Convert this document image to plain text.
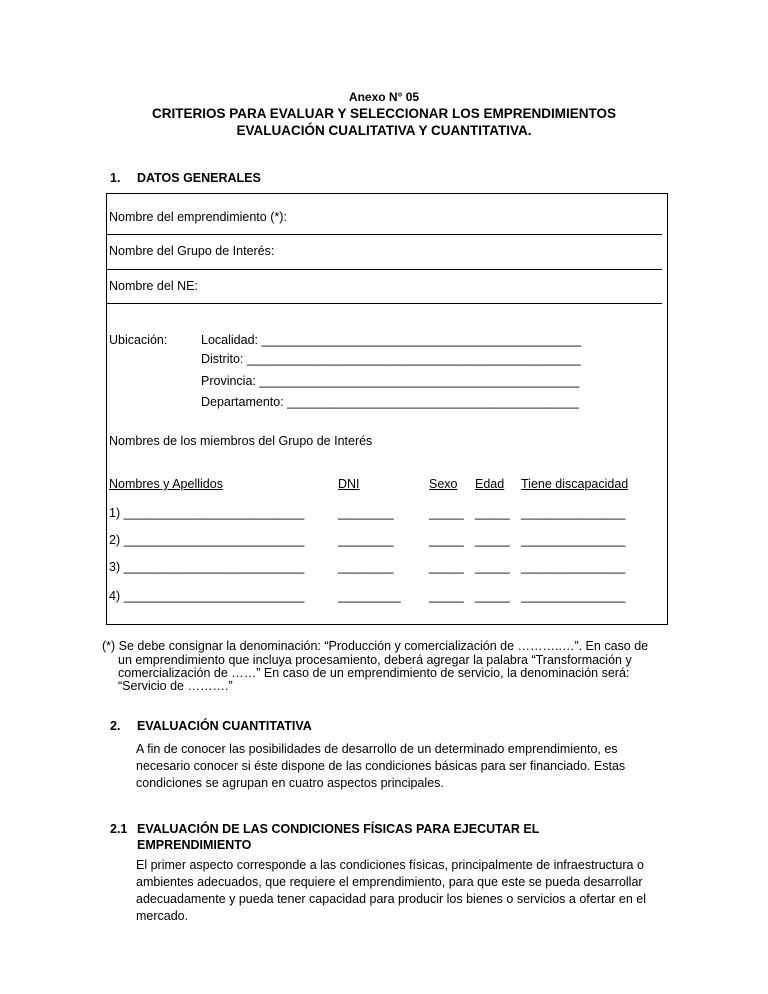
Anexo N° 05
CRITERIOS PARA EVALUAR Y SELECCIONAR LOS EMPRENDIMIENTOS
EVALUACIÓN CUALITATIVA Y CUANTITATIVA.
1. DATOS GENERALES
Nombre del emprendimiento (*):
Nombre del Grupo de Interés:
Nombre del NE:
Ubicación:	Localidad: ______________________________________________
Distrito: ________________________________________________
Provincia: ______________________________________________
Departamento: __________________________________________
Nombres de los miembros del Grupo de Interés
Nombres y Apellidos	DNI	Sexo Edad Tiene discapacidad
1) __________________________	________	_____ _____ _______________
2) __________________________	________	_____ _____ _______________
3) __________________________	________	_____ _____ _______________
4) __________________________	_________ _____ _____ _______________
(*) Se debe consignar la denominación: “Producción y comercialización de ………..…”. En caso de
un emprendimiento que incluya procesamiento, deberá agregar la palabra “Transformación y
comercialización de ……” En caso de un emprendimiento de servicio, la denominación será:
“Servicio de ……….”
2. EVALUACIÓN CUANTITATIVA
A fin de conocer las posibilidades de desarrollo de un determinado emprendimiento, es
necesario conocer si éste dispone de las condiciones básicas para ser financiado. Estas
condiciones se agrupan en cuatro aspectos principales.
2.1 EVALUACIÓN DE LAS CONDICIONES FÍSICAS PARA EJECUTAR EL
EMPRENDIMIENTO
El primer aspecto corresponde a las condiciones físicas, principalmente de infraestructura o
ambientes adecuados, que requiere el emprendimiento, para que este se pueda desarrollar
adecuadamente y pueda tener capacidad para producir los bienes o servicios a ofertar en el
mercado.
